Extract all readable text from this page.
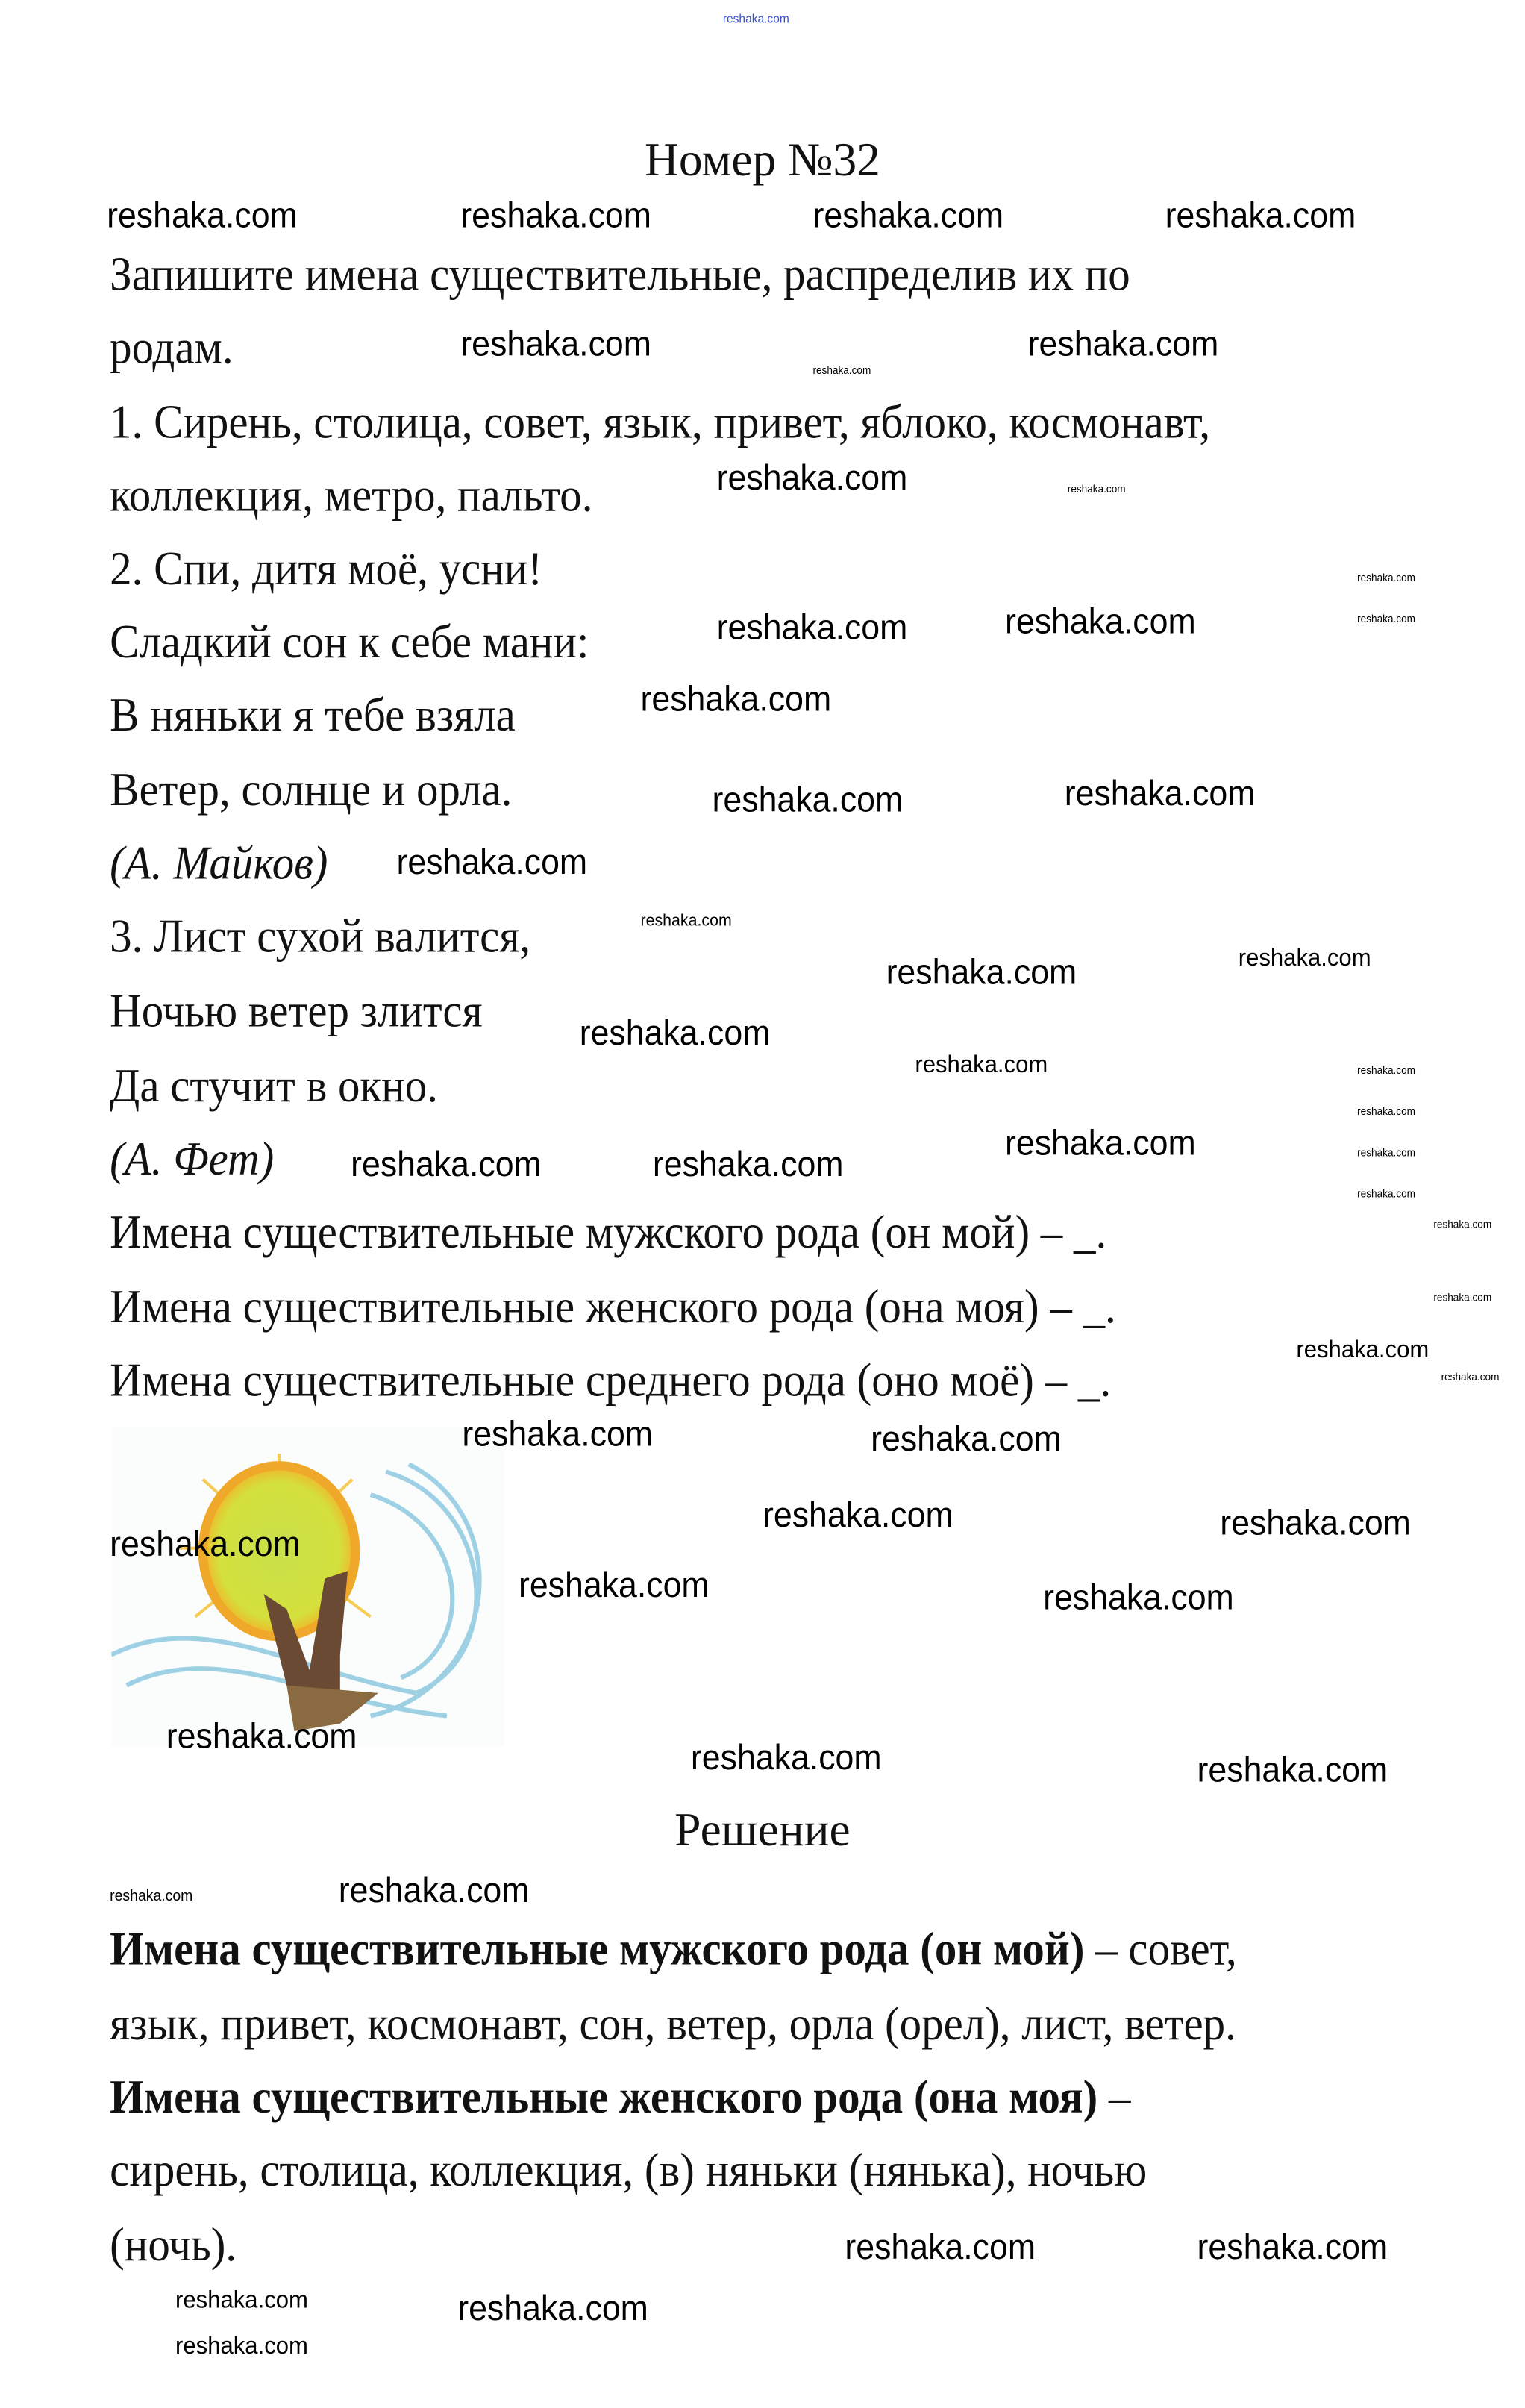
reshaka.com
Номер №32
Запишите имена существительные, распределив их по
родам.
1. Сирень, столица, совет, язык, привет, яблоко, космонавт,
коллекция, метро, пальто.
2. Спи, дитя моё, усни!
Сладкий сон к себе мани:
В няньки я тебе взяла
Ветер, солнце и орла.
(А. Майков)
3. Лист сухой валится,
Ночью ветер злится
Да стучит в окно.
(А. Фет)
Имена существительные мужского рода (он мой) – _.
Имена существительные женского рода (она моя) – _.
Имена существительные среднего рода (оно моё) – _.
Решение
Имена существительные мужского рода (он мой) – совет,
язык, привет, космонавт, сон, ветер, орла (орел), лист, ветер.
Имена существительные женского рода (она моя) –
сирень, столица, коллекция, (в) няньки (нянька), ночью
(ночь).
reshaka.com	reshaka.com	reshaka.com	reshaka.com
reshaka.com	reshaka.com
reshaka.com
reshaka.com
reshaka.com
reshaka.com
reshaka.com
reshaka.com	reshaka.com
reshaka.com
reshaka.com	reshaka.com
reshaka.com
reshaka.com
reshaka.com	reshaka.com
reshaka.com
reshaka.com
reshaka.com
reshaka.com
reshaka.com
reshaka.com
reshaka.com
reshaka.com	reshaka.com
reshaka.com
reshaka.com
reshaka.com
reshaka.com
reshaka.com	reshaka.com
reshaka.com
reshaka.com	reshaka.com
reshaka.com
reshaka.com	reshaka.com
reshaka.com	reshaka.com
reshaka.com	reshaka.com
reshaka.com	reshaka.com
reshaka.com
reshaka.com	reshaka.com
